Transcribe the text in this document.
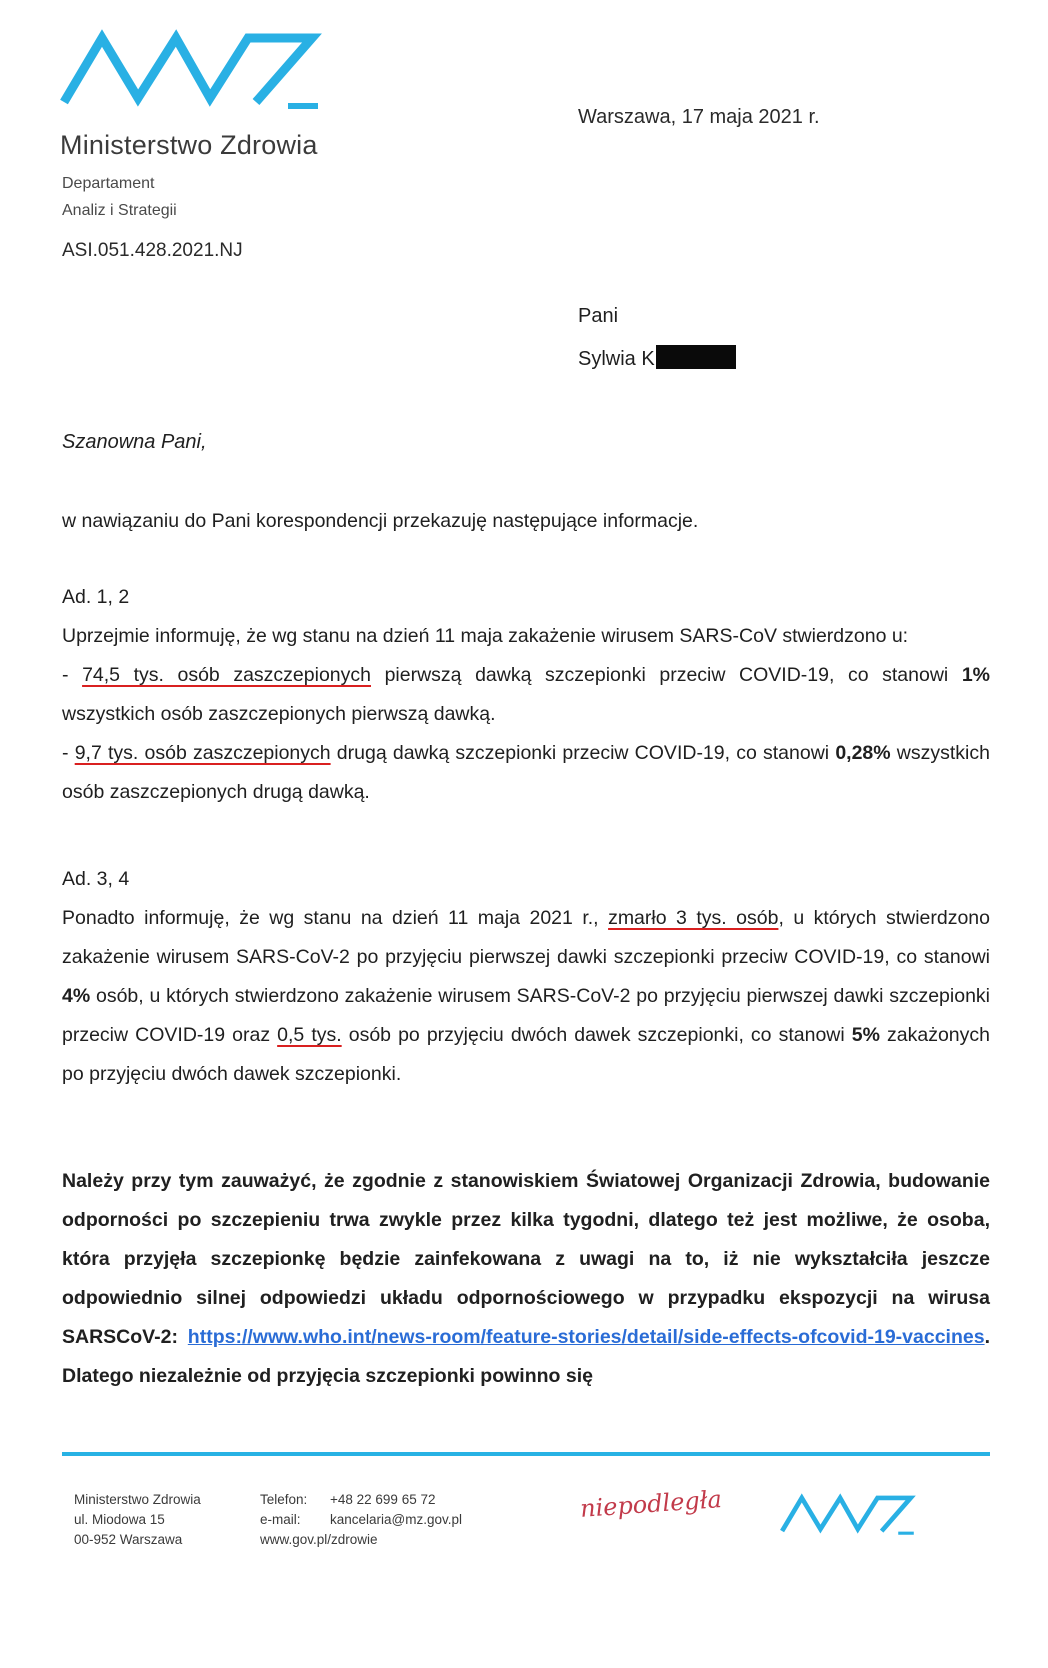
Ministerstwo Zdrowia
Departament
Analiz i Strategii
ASI.051.428.2021.NJ
Warszawa, 17 maja 2021 r.
Pani
Sylwia K
Szanowna Pani,
w nawiązaniu do Pani korespondencji przekazuję następujące informacje.

Ad. 1, 2

Uprzejmie informuję, że wg stanu na dzień 11 maja zakażenie wirusem SARS-CoV stwierdzono u:

- 74,5 tys. osób zaszczepionych pierwszą dawką szczepionki przeciw COVID-19, co stanowi 1% wszystkich osób zaszczepionych pierwszą dawką.

- 9,7 tys. osób zaszczepionych drugą dawką szczepionki przeciw COVID-19, co stanowi 0,28% wszystkich osób zaszczepionych drugą dawką.

Ad. 3, 4

Ponadto informuję, że wg stanu na dzień 11 maja 2021 r., zmarło 3 tys. osób, u których stwierdzono zakażenie wirusem SARS-CoV-2 po przyjęciu pierwszej dawki szczepionki przeciw COVID-19, co stanowi 4% osób, u których stwierdzono zakażenie wirusem SARS-CoV-2 po przyjęciu pierwszej dawki szczepionki przeciw COVID-19 oraz 0,5 tys. osób po przyjęciu dwóch dawek szczepionki, co stanowi 5% zakażonych po przyjęciu dwóch dawek szczepionki.

Należy przy tym zauważyć, że zgodnie z stanowiskiem Światowej Organizacji Zdrowia, budowanie odporności po szczepieniu trwa zwykle przez kilka tygodni, dlatego też jest możliwe, że osoba, która przyjęła szczepionkę będzie zainfekowana z uwagi na to, iż nie wykształciła jeszcze odpowiednio silnej odpowiedzi układu odpornościowego w przypadku ekspozycji na wirusa SARSCoV-2: https://www.who.int/news-room/feature-stories/detail/side-effects-ofcovid-19-vaccines. Dlatego niezależnie od przyjęcia szczepionki powinno się

Ministerstwo Zdrowia
ul. Miodowa 15
00-952 Warszawa
Telefon: +48 22 699 65 72
e-mail: kancelaria@mz.gov.pl
www.gov.pl/zdrowie
niepodległa
